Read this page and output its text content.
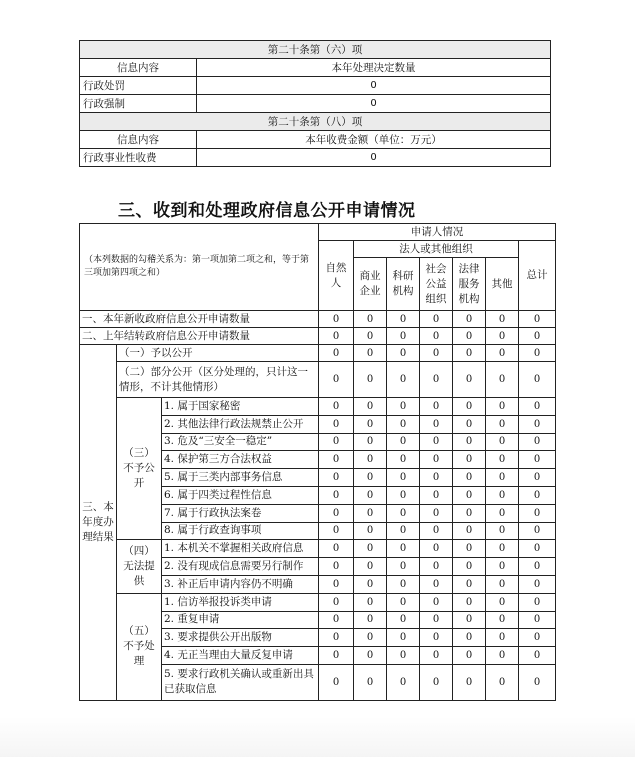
第二十条第（六）项	
信息内容	本年处理决定数量
行政处罚	0
行政强制	0
第二十条第（八）项	
信息内容	本年收费金额（单位：万元）
行政事业性收费	0
三、收到和处理政府信息公开申请情况
（本列数据的勾稽关系为：第一项加第二项之和，等于第三项加第四项之和）			申请人情况						
			自然人	法人或其他组织					总计
				商业企业	科研机构	社会公益组织	法律服务机构	其他	
一、本年新收政府信息公开申请数量			0	0	0	0	0	0	0
二、上年结转政府信息公开申请数量			0	0	0	0	0	0	0
三、本年度办理结果	（一）予以公开		0	0	0	0	0	0	0
	（二）部分公开（区分处理的，只计这一情形，不计其他情形）		0	0	0	0	0	0	0
	（三）不予公开	1. 属于国家秘密	0	0	0	0	0	0	0
		2. 其他法律行政法规禁止公开	0	0	0	0	0	0	0
		3. 危及“三安全一稳定”	0	0	0	0	0	0	0
		4. 保护第三方合法权益	0	0	0	0	0	0	0
		5. 属于三类内部事务信息	0	0	0	0	0	0	0
		6. 属于四类过程性信息	0	0	0	0	0	0	0
		7. 属于行政执法案卷	0	0	0	0	0	0	0
		8. 属于行政查询事项	0	0	0	0	0	0	0
	（四）无法提供	1. 本机关不掌握相关政府信息	0	0	0	0	0	0	0
		2. 没有现成信息需要另行制作	0	0	0	0	0	0	0
		3. 补正后申请内容仍不明确	0	0	0	0	0	0	0
	（五）不予处理	1. 信访举报投诉类申请	0	0	0	0	0	0	0
		2. 重复申请	0	0	0	0	0	0	0
		3. 要求提供公开出版物	0	0	0	0	0	0	0
		4. 无正当理由大量反复申请	0	0	0	0	0	0	0
		5. 要求行政机关确认或重新出具已获取信息	0	0	0	0	0	0	0
